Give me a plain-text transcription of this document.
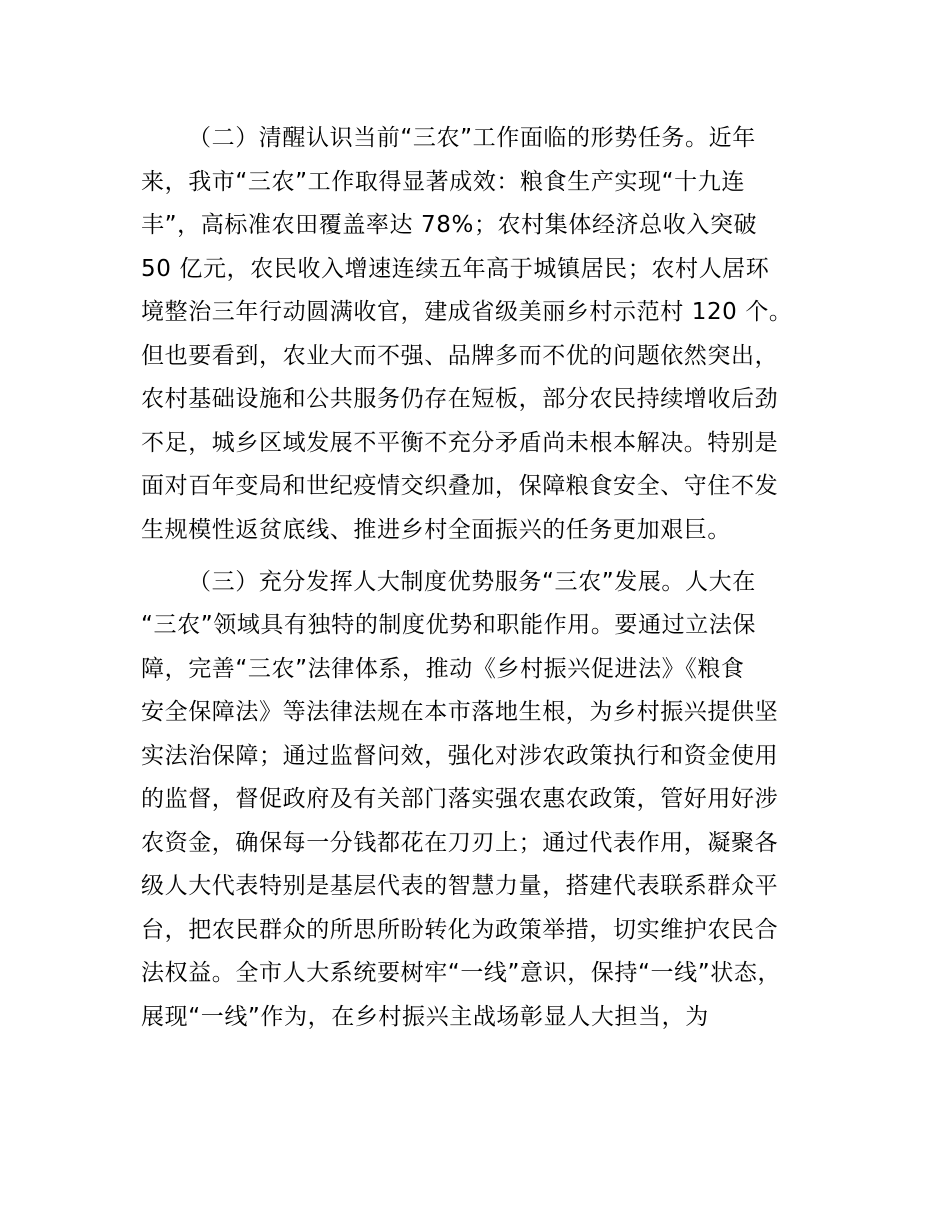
（二）清醒认识当前“三农”工作面临的形势任务。近年
来，我市“三农”工作取得显著成效：粮食生产实现“十九连
丰”，高标准农田覆盖率达 78%；农村集体经济总收入突破
50 亿元，农民收入增速连续五年高于城镇居民；农村人居环
境整治三年行动圆满收官，建成省级美丽乡村示范村 120 个。
但也要看到，农业大而不强、品牌多而不优的问题依然突出，
农村基础设施和公共服务仍存在短板，部分农民持续增收后劲
不足，城乡区域发展不平衡不充分矛盾尚未根本解决。特别是
面对百年变局和世纪疫情交织叠加，保障粮食安全、守住不发
生规模性返贫底线、推进乡村全面振兴的任务更加艰巨。
（三）充分发挥人大制度优势服务“三农”发展。人大在
“三农”领域具有独特的制度优势和职能作用。要通过立法保
障，完善“三农”法律体系，推动《乡村振兴促进法》《粮食
安全保障法》等法律法规在本市落地生根，为乡村振兴提供坚
实法治保障；通过监督问效，强化对涉农政策执行和资金使用
的监督，督促政府及有关部门落实强农惠农政策，管好用好涉
农资金，确保每一分钱都花在刀刃上；通过代表作用，凝聚各
级人大代表特别是基层代表的智慧力量，搭建代表联系群众平
台，把农民群众的所思所盼转化为政策举措，切实维护农民合
法权益。全市人大系统要树牢“一线”意识，保持“一线”状态，
展现“一线”作为，在乡村振兴主战场彰显人大担当，为
